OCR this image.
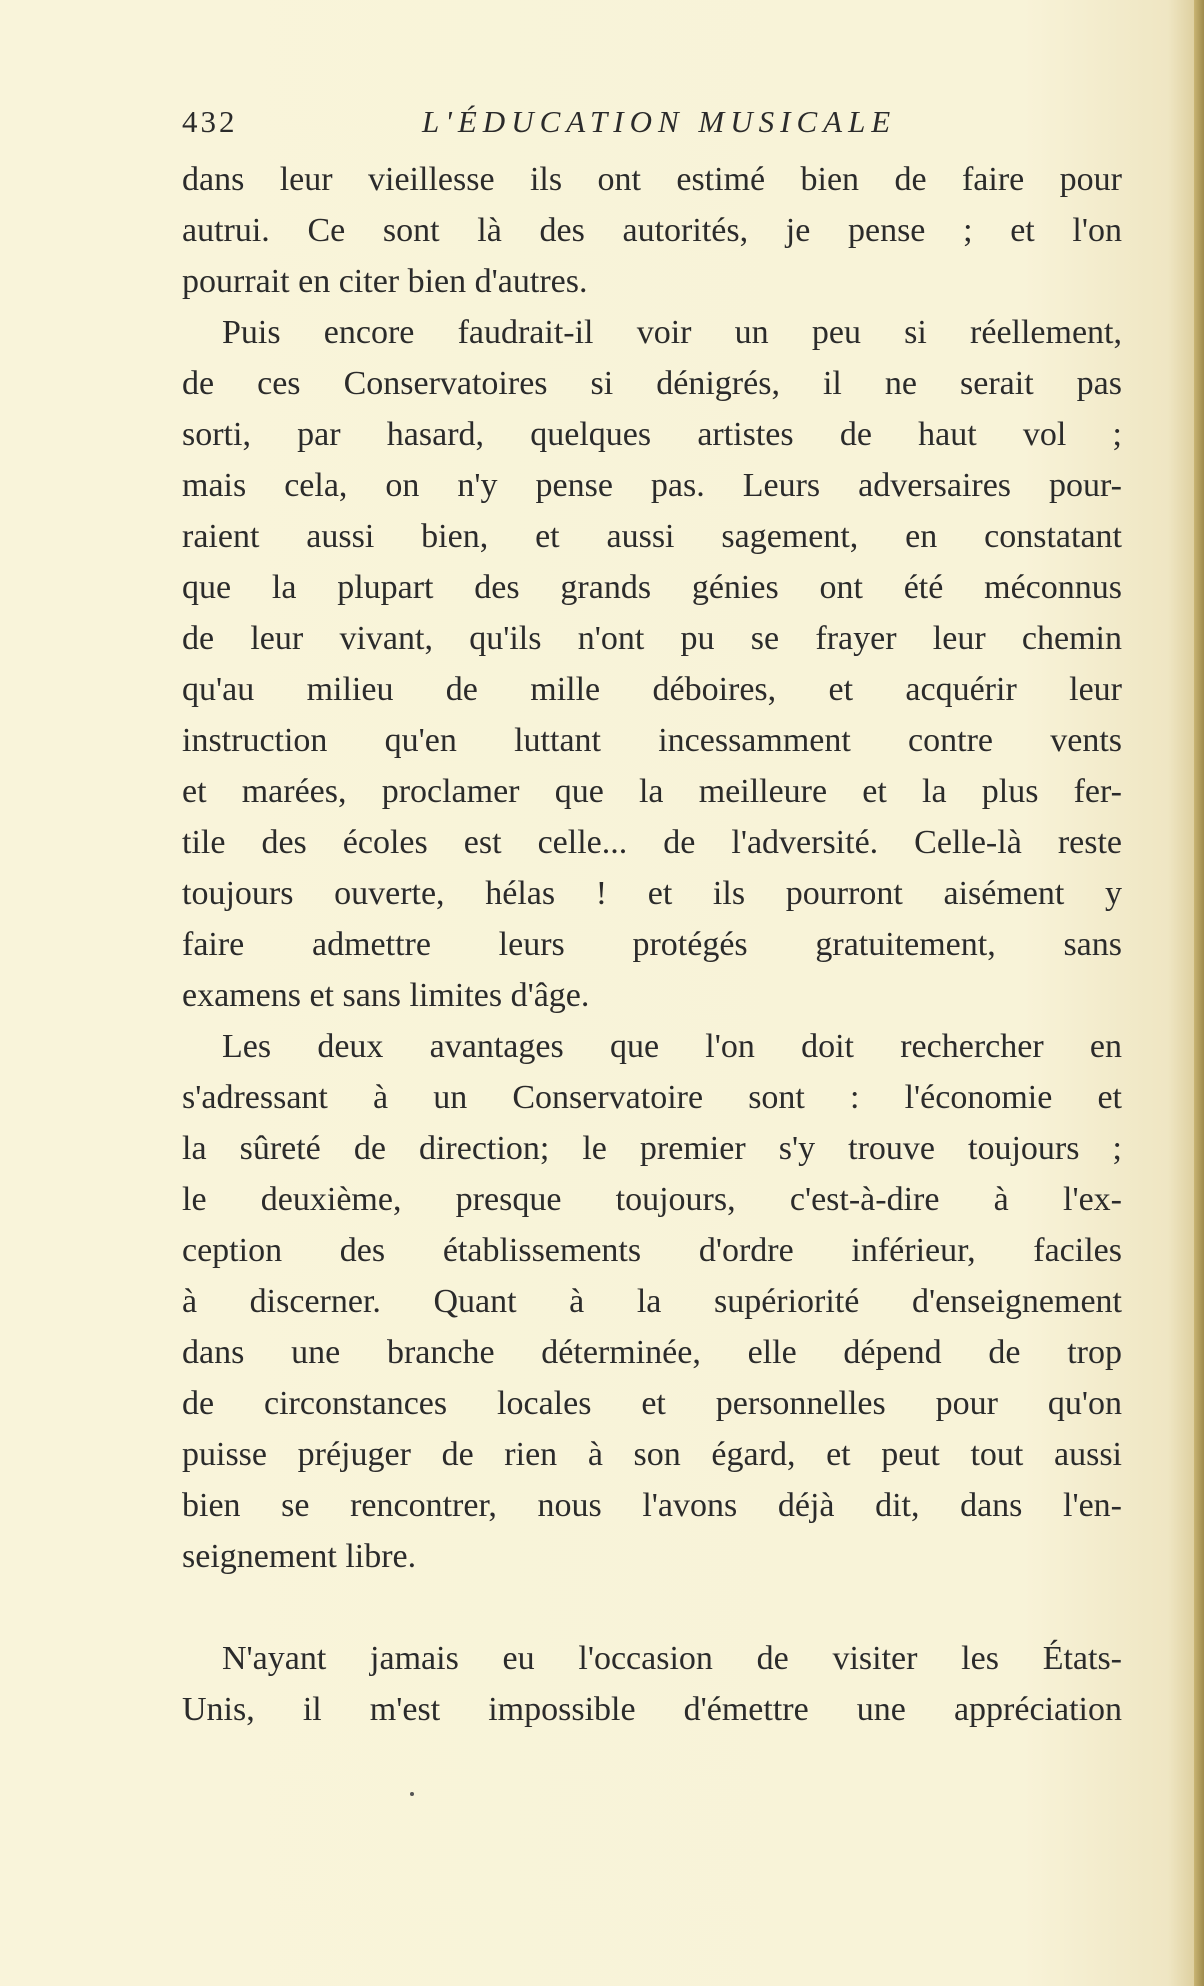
432	L'ÉDUCATION MUSICALE
dans leur vieillesse ils ont estimé bien de faire pour
autrui. Ce sont là des autorités, je pense ; et l'on
pourrait en citer bien d'autres.
Puis encore faudrait-il voir un peu si réellement,
de ces Conservatoires si dénigrés, il ne serait pas
sorti, par hasard, quelques artistes de haut vol ;
mais cela, on n'y pense pas. Leurs adversaires pour-
raient aussi bien, et aussi sagement, en constatant
que la plupart des grands génies ont été méconnus
de leur vivant, qu'ils n'ont pu se frayer leur chemin
qu'au milieu de mille déboires, et acquérir leur
instruction qu'en luttant incessamment contre vents
et marées, proclamer que la meilleure et la plus fer-
tile des écoles est celle... de l'adversité. Celle-là reste
toujours ouverte, hélas ! et ils pourront aisément y
faire admettre leurs protégés gratuitement, sans
examens et sans limites d'âge.
Les deux avantages que l'on doit rechercher en
s'adressant à un Conservatoire sont : l'économie et
la sûreté de direction; le premier s'y trouve toujours ;
le deuxième, presque toujours, c'est-à-dire à l'ex-
ception des établissements d'ordre inférieur, faciles
à discerner. Quant à la supériorité d'enseignement
dans une branche déterminée, elle dépend de trop
de circonstances locales et personnelles pour qu'on
puisse préjuger de rien à son égard, et peut tout aussi
bien se rencontrer, nous l'avons déjà dit, dans l'en-
seignement libre.
N'ayant jamais eu l'occasion de visiter les États-
Unis, il m'est impossible d'émettre une appréciation
